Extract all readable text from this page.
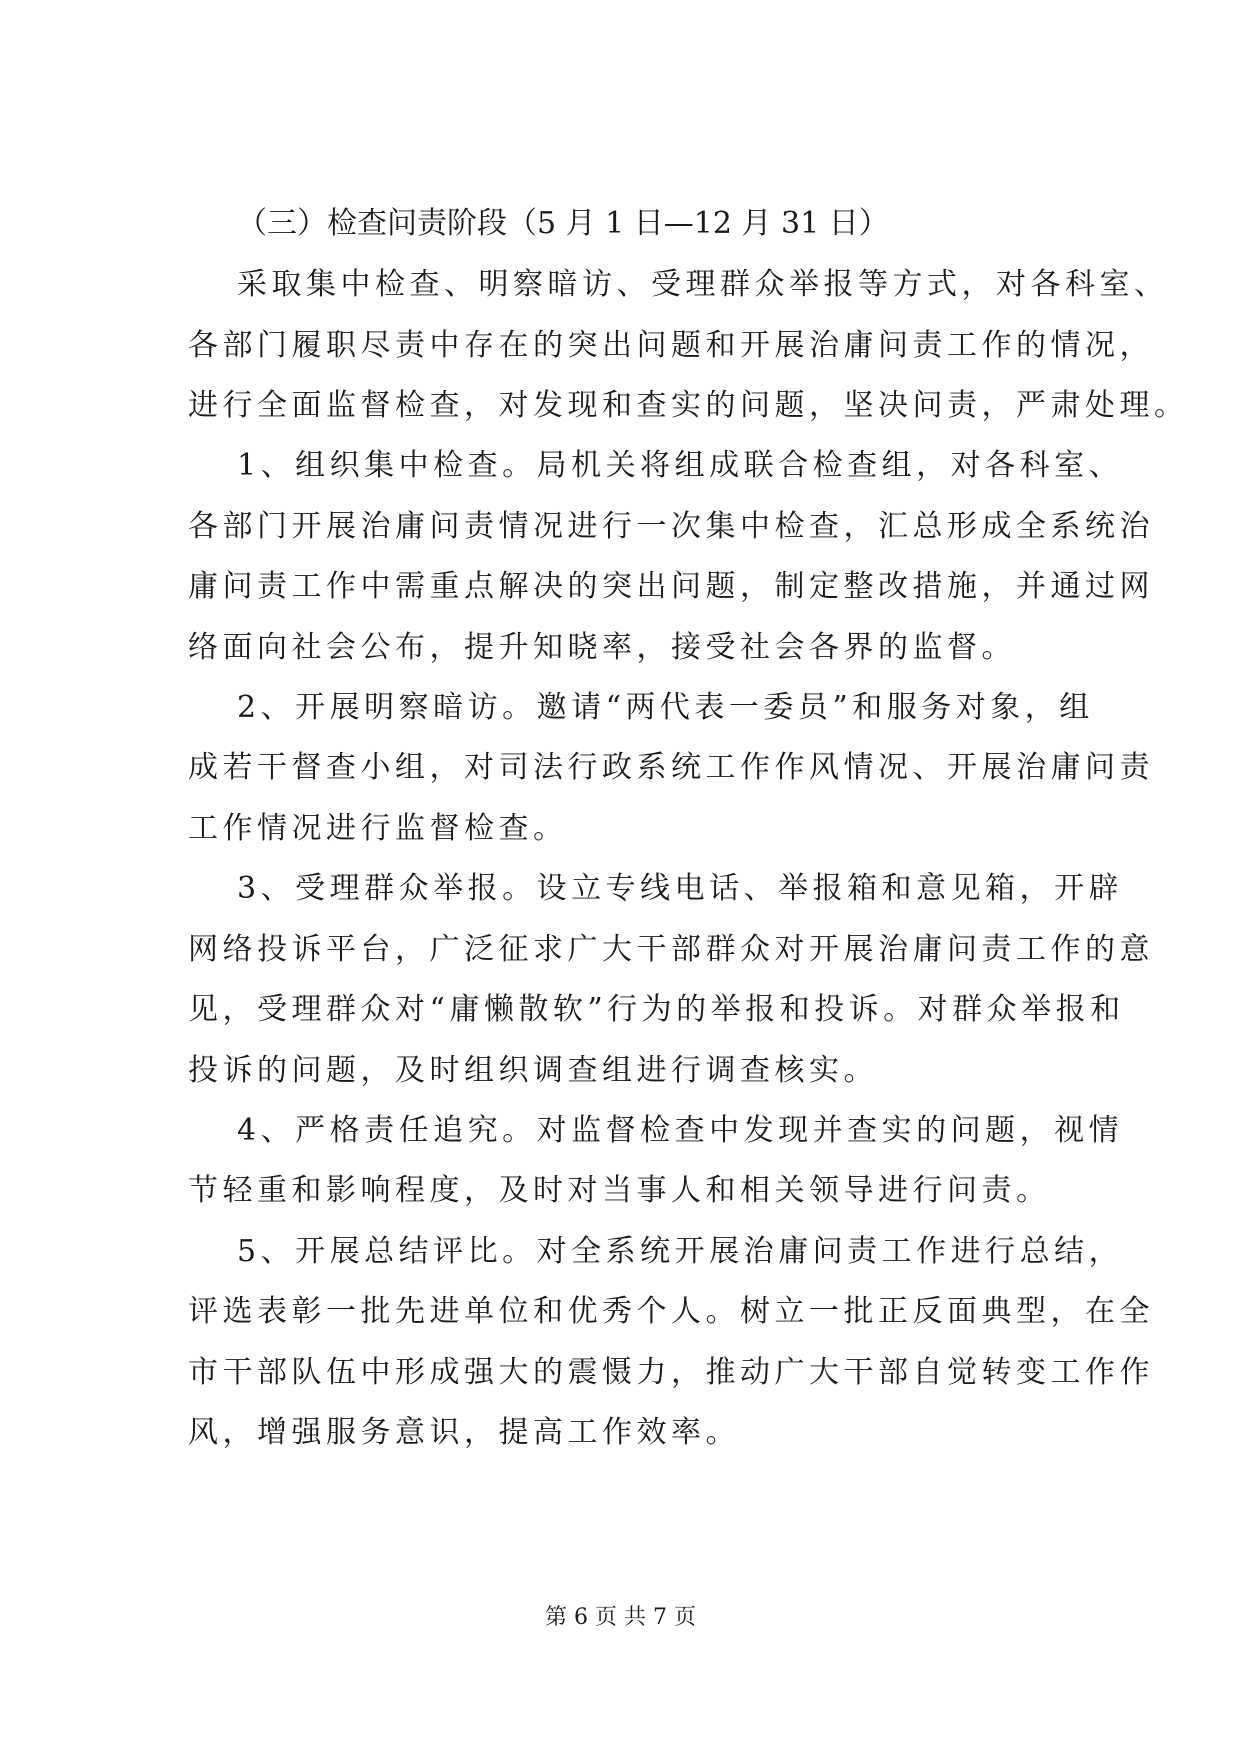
（三）检查问责阶段（5 月 1 日—12 月 31 日）
采取集中检查、明察暗访、受理群众举报等方式，对各科室、
各部门履职尽责中存在的突出问题和开展治庸问责工作的情况，
进行全面监督检查，对发现和查实的问题，坚决问责，严肃处理。
1、组织集中检查。局机关将组成联合检查组，对各科室、
各部门开展治庸问责情况进行一次集中检查，汇总形成全系统治
庸问责工作中需重点解决的突出问题，制定整改措施，并通过网
络面向社会公布，提升知晓率，接受社会各界的监督。
2、开展明察暗访。邀请“两代表一委员”和服务对象，组
成若干督查小组，对司法行政系统工作作风情况、开展治庸问责
工作情况进行监督检查。
3、受理群众举报。设立专线电话、举报箱和意见箱，开辟
网络投诉平台，广泛征求广大干部群众对开展治庸问责工作的意
见，受理群众对“庸懒散软”行为的举报和投诉。对群众举报和
投诉的问题，及时组织调查组进行调查核实。
4、严格责任追究。对监督检查中发现并查实的问题，视情
节轻重和影响程度，及时对当事人和相关领导进行问责。
5、开展总结评比。对全系统开展治庸问责工作进行总结，
评选表彰一批先进单位和优秀个人。树立一批正反面典型，在全
市干部队伍中形成强大的震慑力，推动广大干部自觉转变工作作
风，增强服务意识，提高工作效率。
第 6 页 共 7 页
